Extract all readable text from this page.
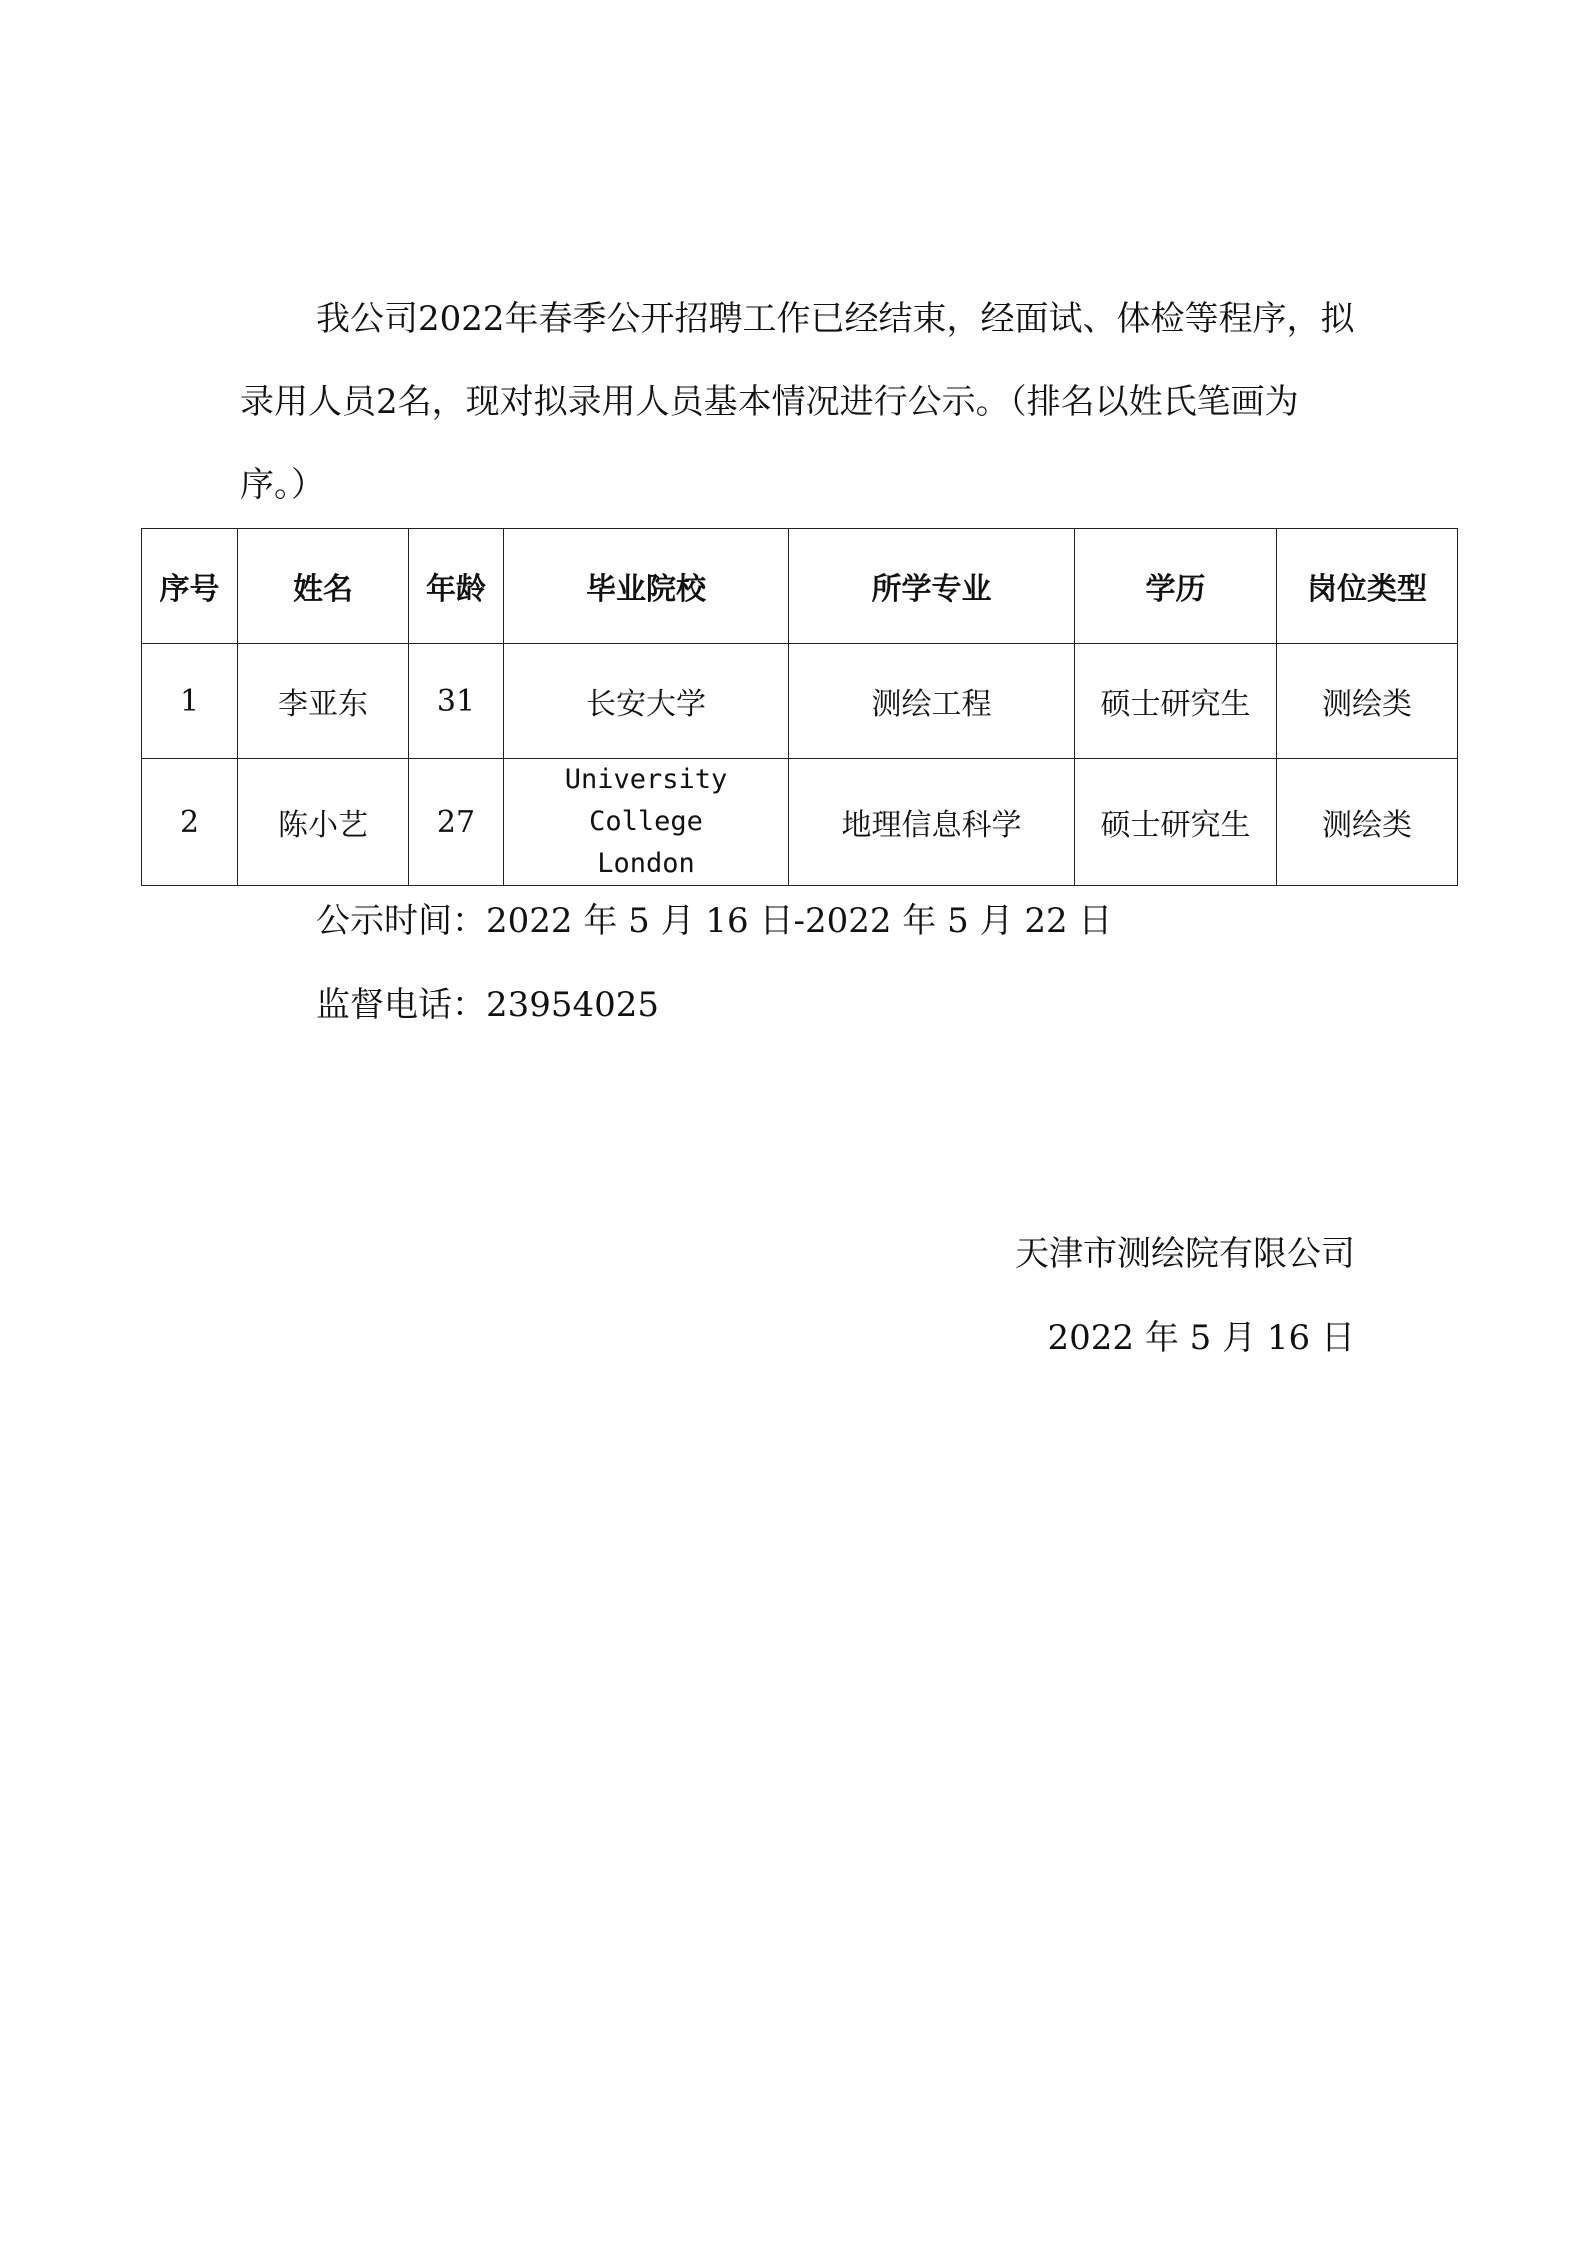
我公司2022年春季公开招聘工作已经结束，经面试、体检等程序，拟录用人员2名，现对拟录用人员基本情况进行公示。（排名以姓氏笔画为序。）
序号	姓名	年龄	毕业院校	所学专业	学历	岗位类型
1	李亚东	31	长安大学	测绘工程	硕士研究生	测绘类
2	陈小艺	27	University College London	地理信息科学	硕士研究生	测绘类
公示时间：2022 年 5 月 16 日-2022 年 5 月 22 日
监督电话：23954025
天津市测绘院有限公司
2022 年 5 月 16 日
